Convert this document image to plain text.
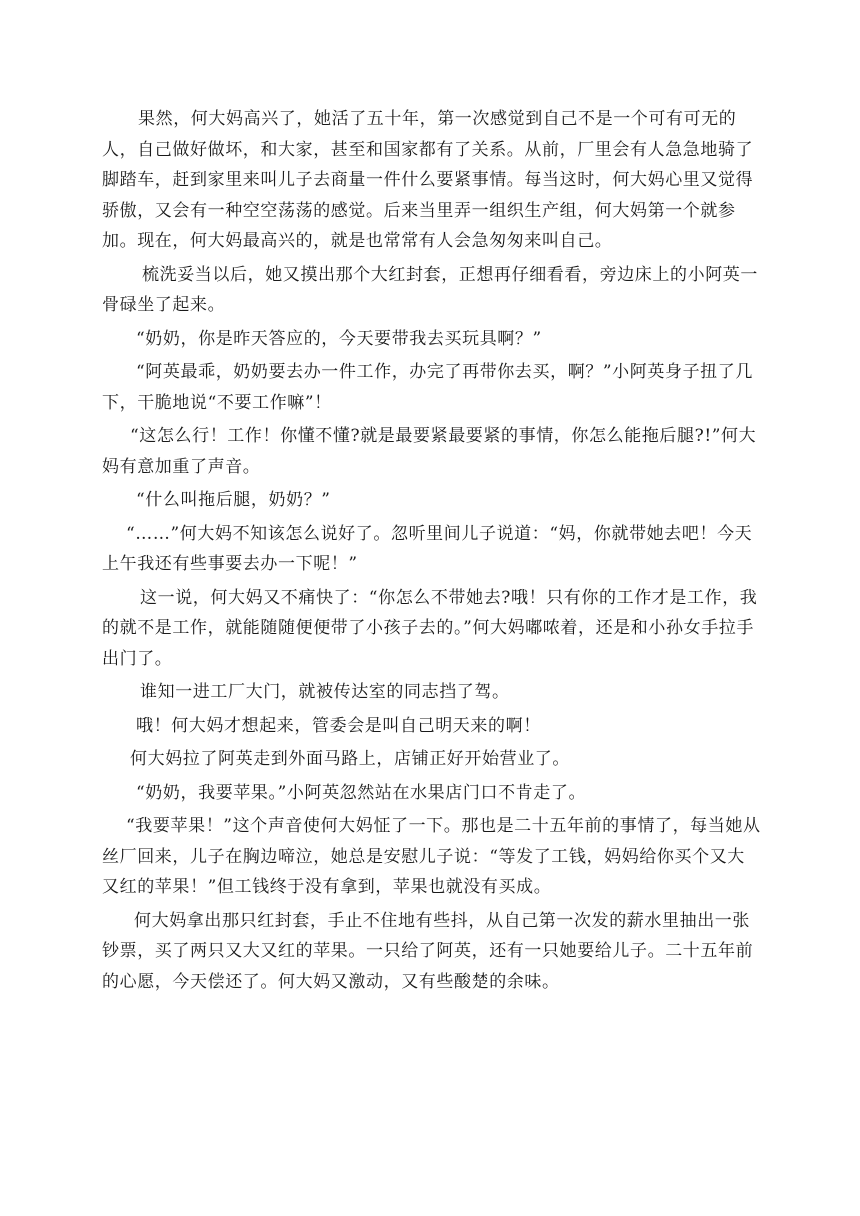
果然，何大妈高兴了，她活了五十年，第一次感觉到自己不是一个可有可无的人，自己做好做坏，和大家，甚至和国家都有了关系。从前，厂里会有人急急地骑了脚踏车，赶到家里来叫儿子去商量一件什么要紧事情。每当这时，何大妈心里又觉得骄傲，又会有一种空空荡荡的感觉。后来当里弄一组织生产组，何大妈第一个就参加。现在，何大妈最高兴的，就是也常常有人会急匆匆来叫自己。

梳洗妥当以后，她又摸出那个大红封套，正想再仔细看看，旁边床上的小阿英一骨碌坐了起来。

“奶奶，你是昨天答应的，今天要带我去买玩具啊？”

“阿英最乖，奶奶要去办一件工作，办完了再带你去买，啊？”小阿英身子扭了几下，干脆地说“不要工作嘛”！

“这怎么行！工作！你懂不懂?就是最要紧最要紧的事情，你怎么能拖后腿?!”何大妈有意加重了声音。

“什么叫拖后腿，奶奶？”

“……”何大妈不知该怎么说好了。忽听里间儿子说道：“妈，你就带她去吧！今天上午我还有些事要去办一下呢！”

这一说，何大妈又不痛快了：“你怎么不带她去?哦！只有你的工作才是工作，我的就不是工作，就能随随便便带了小孩子去的。”何大妈嘟哝着，还是和小孙女手拉手出门了。

谁知一进工厂大门，就被传达室的同志挡了驾。

哦！何大妈才想起来，管委会是叫自己明天来的啊！

何大妈拉了阿英走到外面马路上，店铺正好开始营业了。

“奶奶，我要苹果。”小阿英忽然站在水果店门口不肯走了。

“我要苹果！”这个声音使何大妈怔了一下。那也是二十五年前的事情了，每当她从丝厂回来，儿子在胸边啼泣，她总是安慰儿子说：“等发了工钱，妈妈给你买个又大又红的苹果！”但工钱终于没有拿到，苹果也就没有买成。

何大妈拿出那只红封套，手止不住地有些抖，从自己第一次发的薪水里抽出一张钞票，买了两只又大又红的苹果。一只给了阿英，还有一只她要给儿子。二十五年前的心愿，今天偿还了。何大妈又激动，又有些酸楚的余味。
